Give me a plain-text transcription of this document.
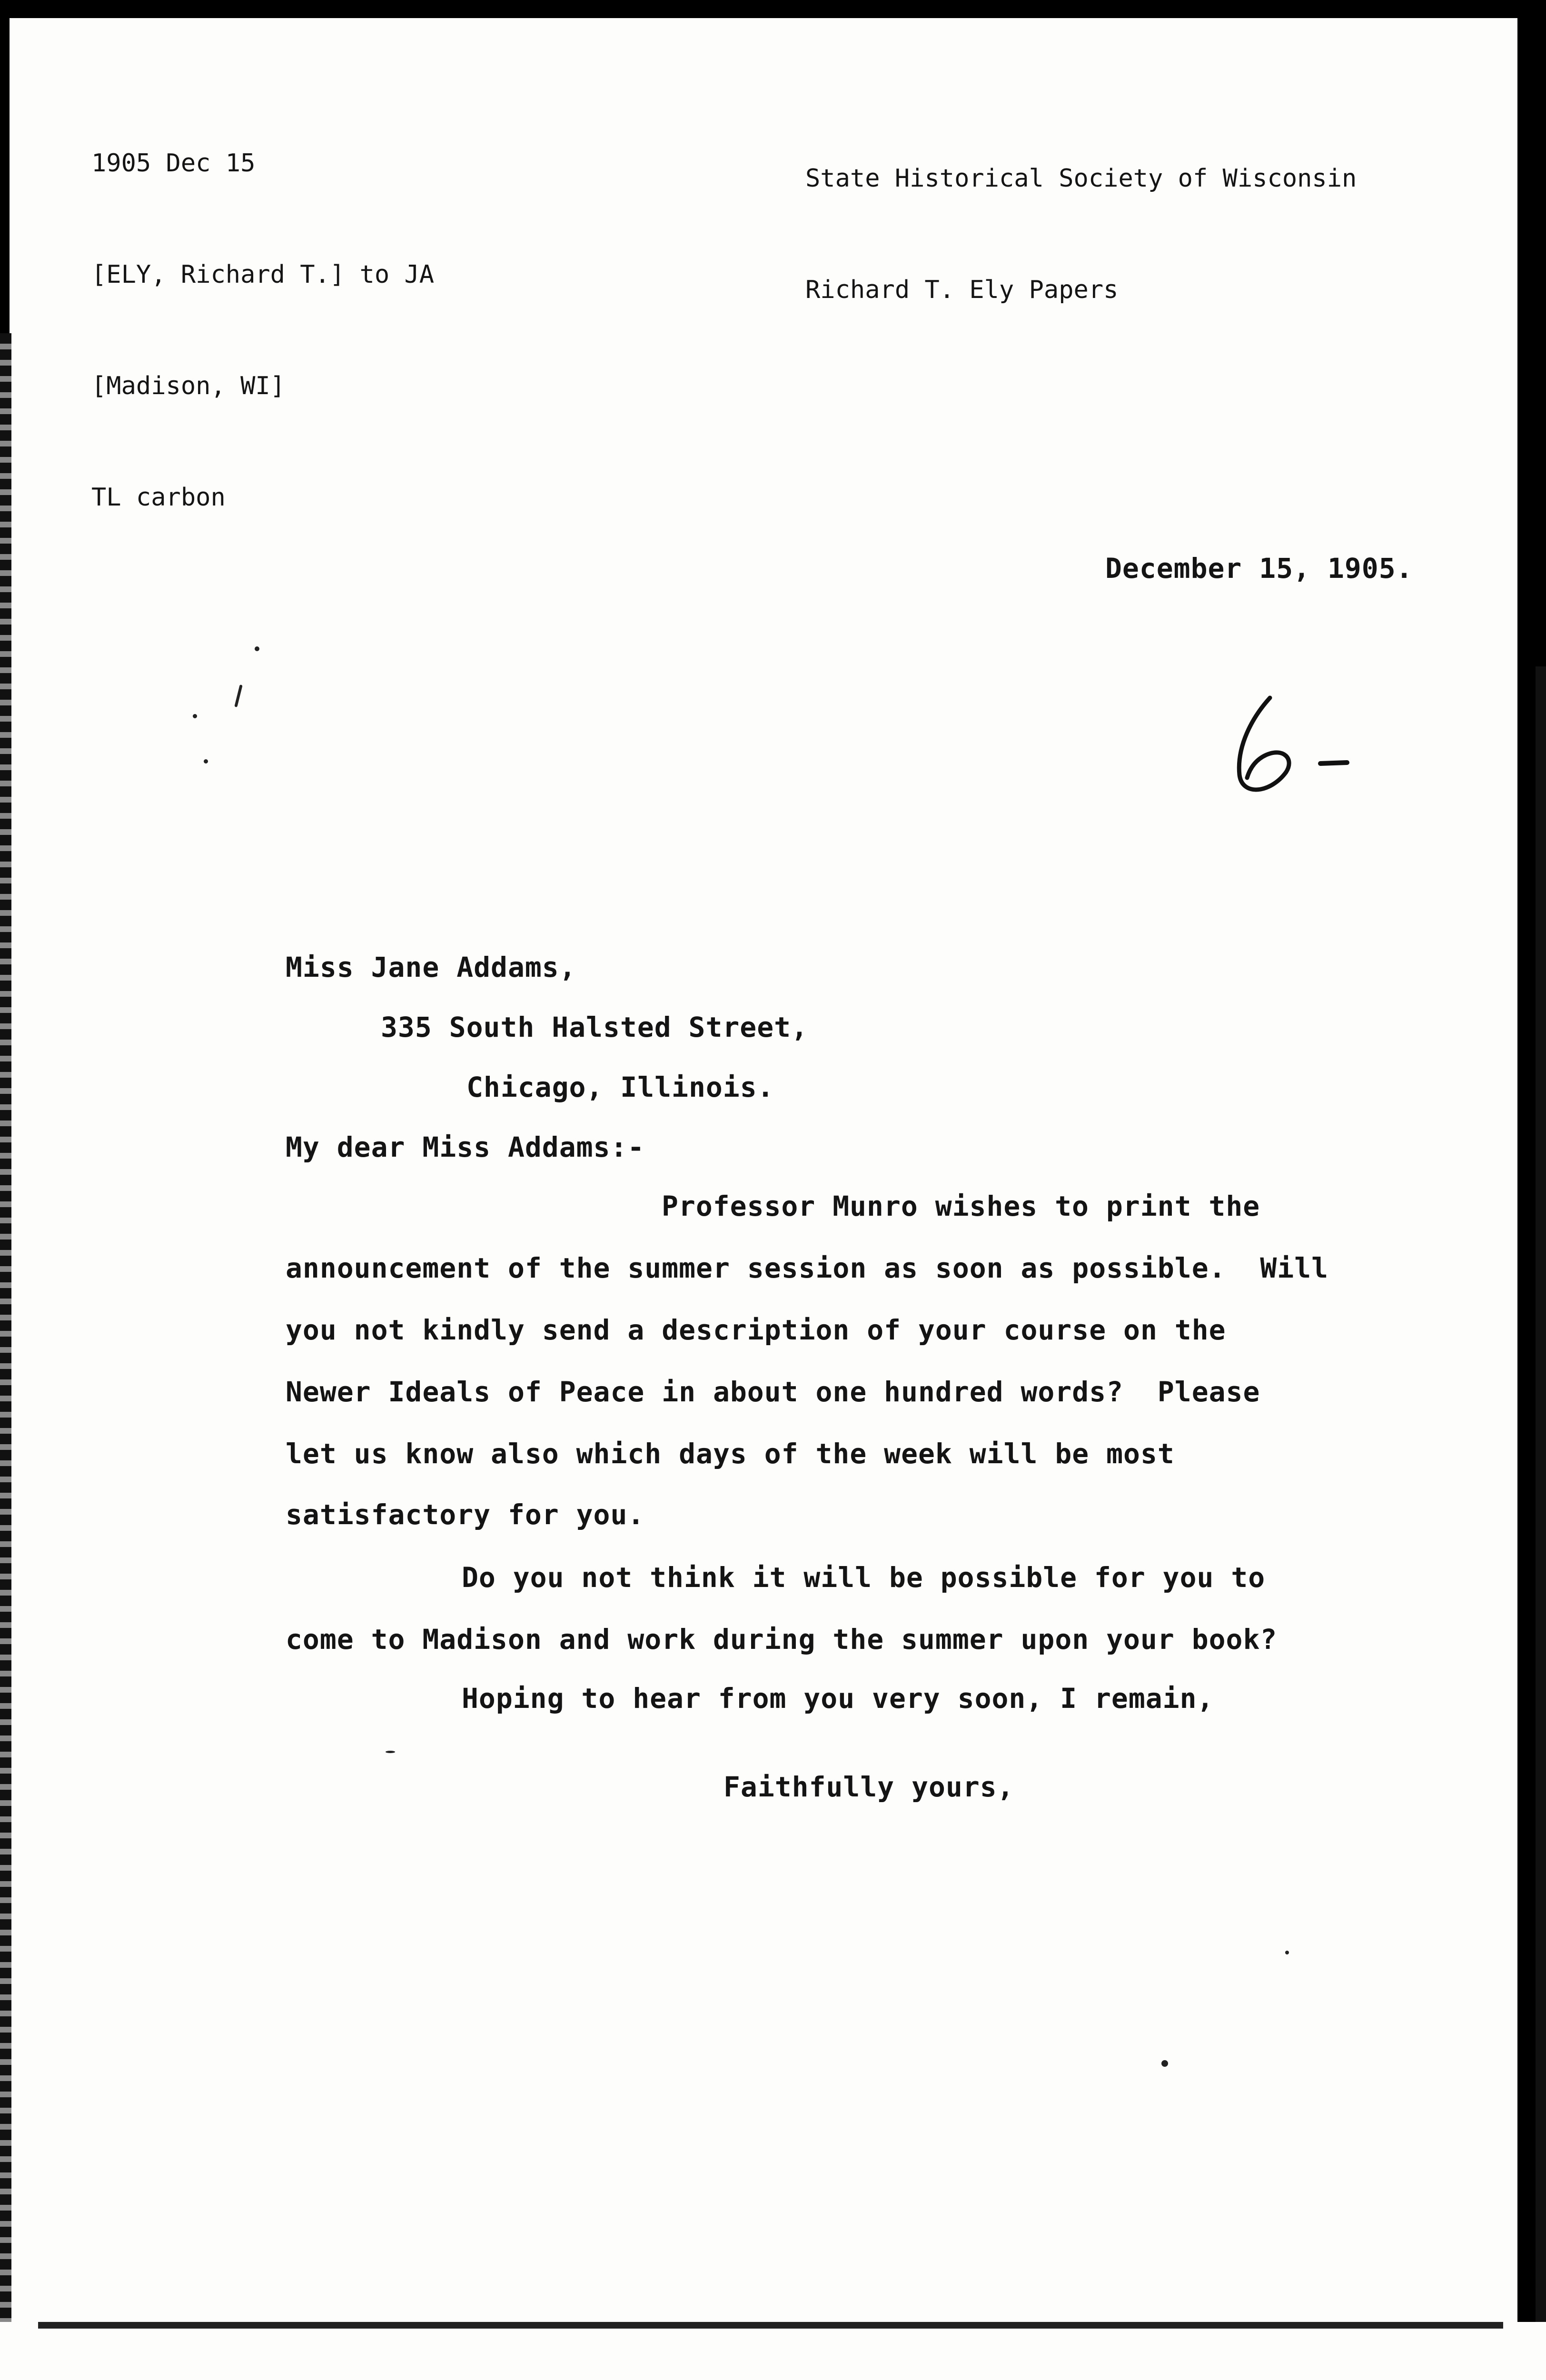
1905 Dec 15

[ELY, Richard T.] to JA

[Madison, WI]

TL carbon

State Historical Society of Wisconsin

Richard T. Ely Papers

December 15, 1905.
Miss Jane Addams,
335 South Halsted Street,
Chicago, Illinois.
My dear Miss Addams:-
Professor Munro wishes to print the
announcement of the summer session as soon as possible.  Will
you not kindly send a description of your course on the
Newer Ideals of Peace in about one hundred words?  Please
let us know also which days of the week will be most
satisfactory for you.
Do you not think it will be possible for you to
come to Madison and work during the summer upon your book?
Hoping to hear from you very soon, I remain,
Faithfully yours,
